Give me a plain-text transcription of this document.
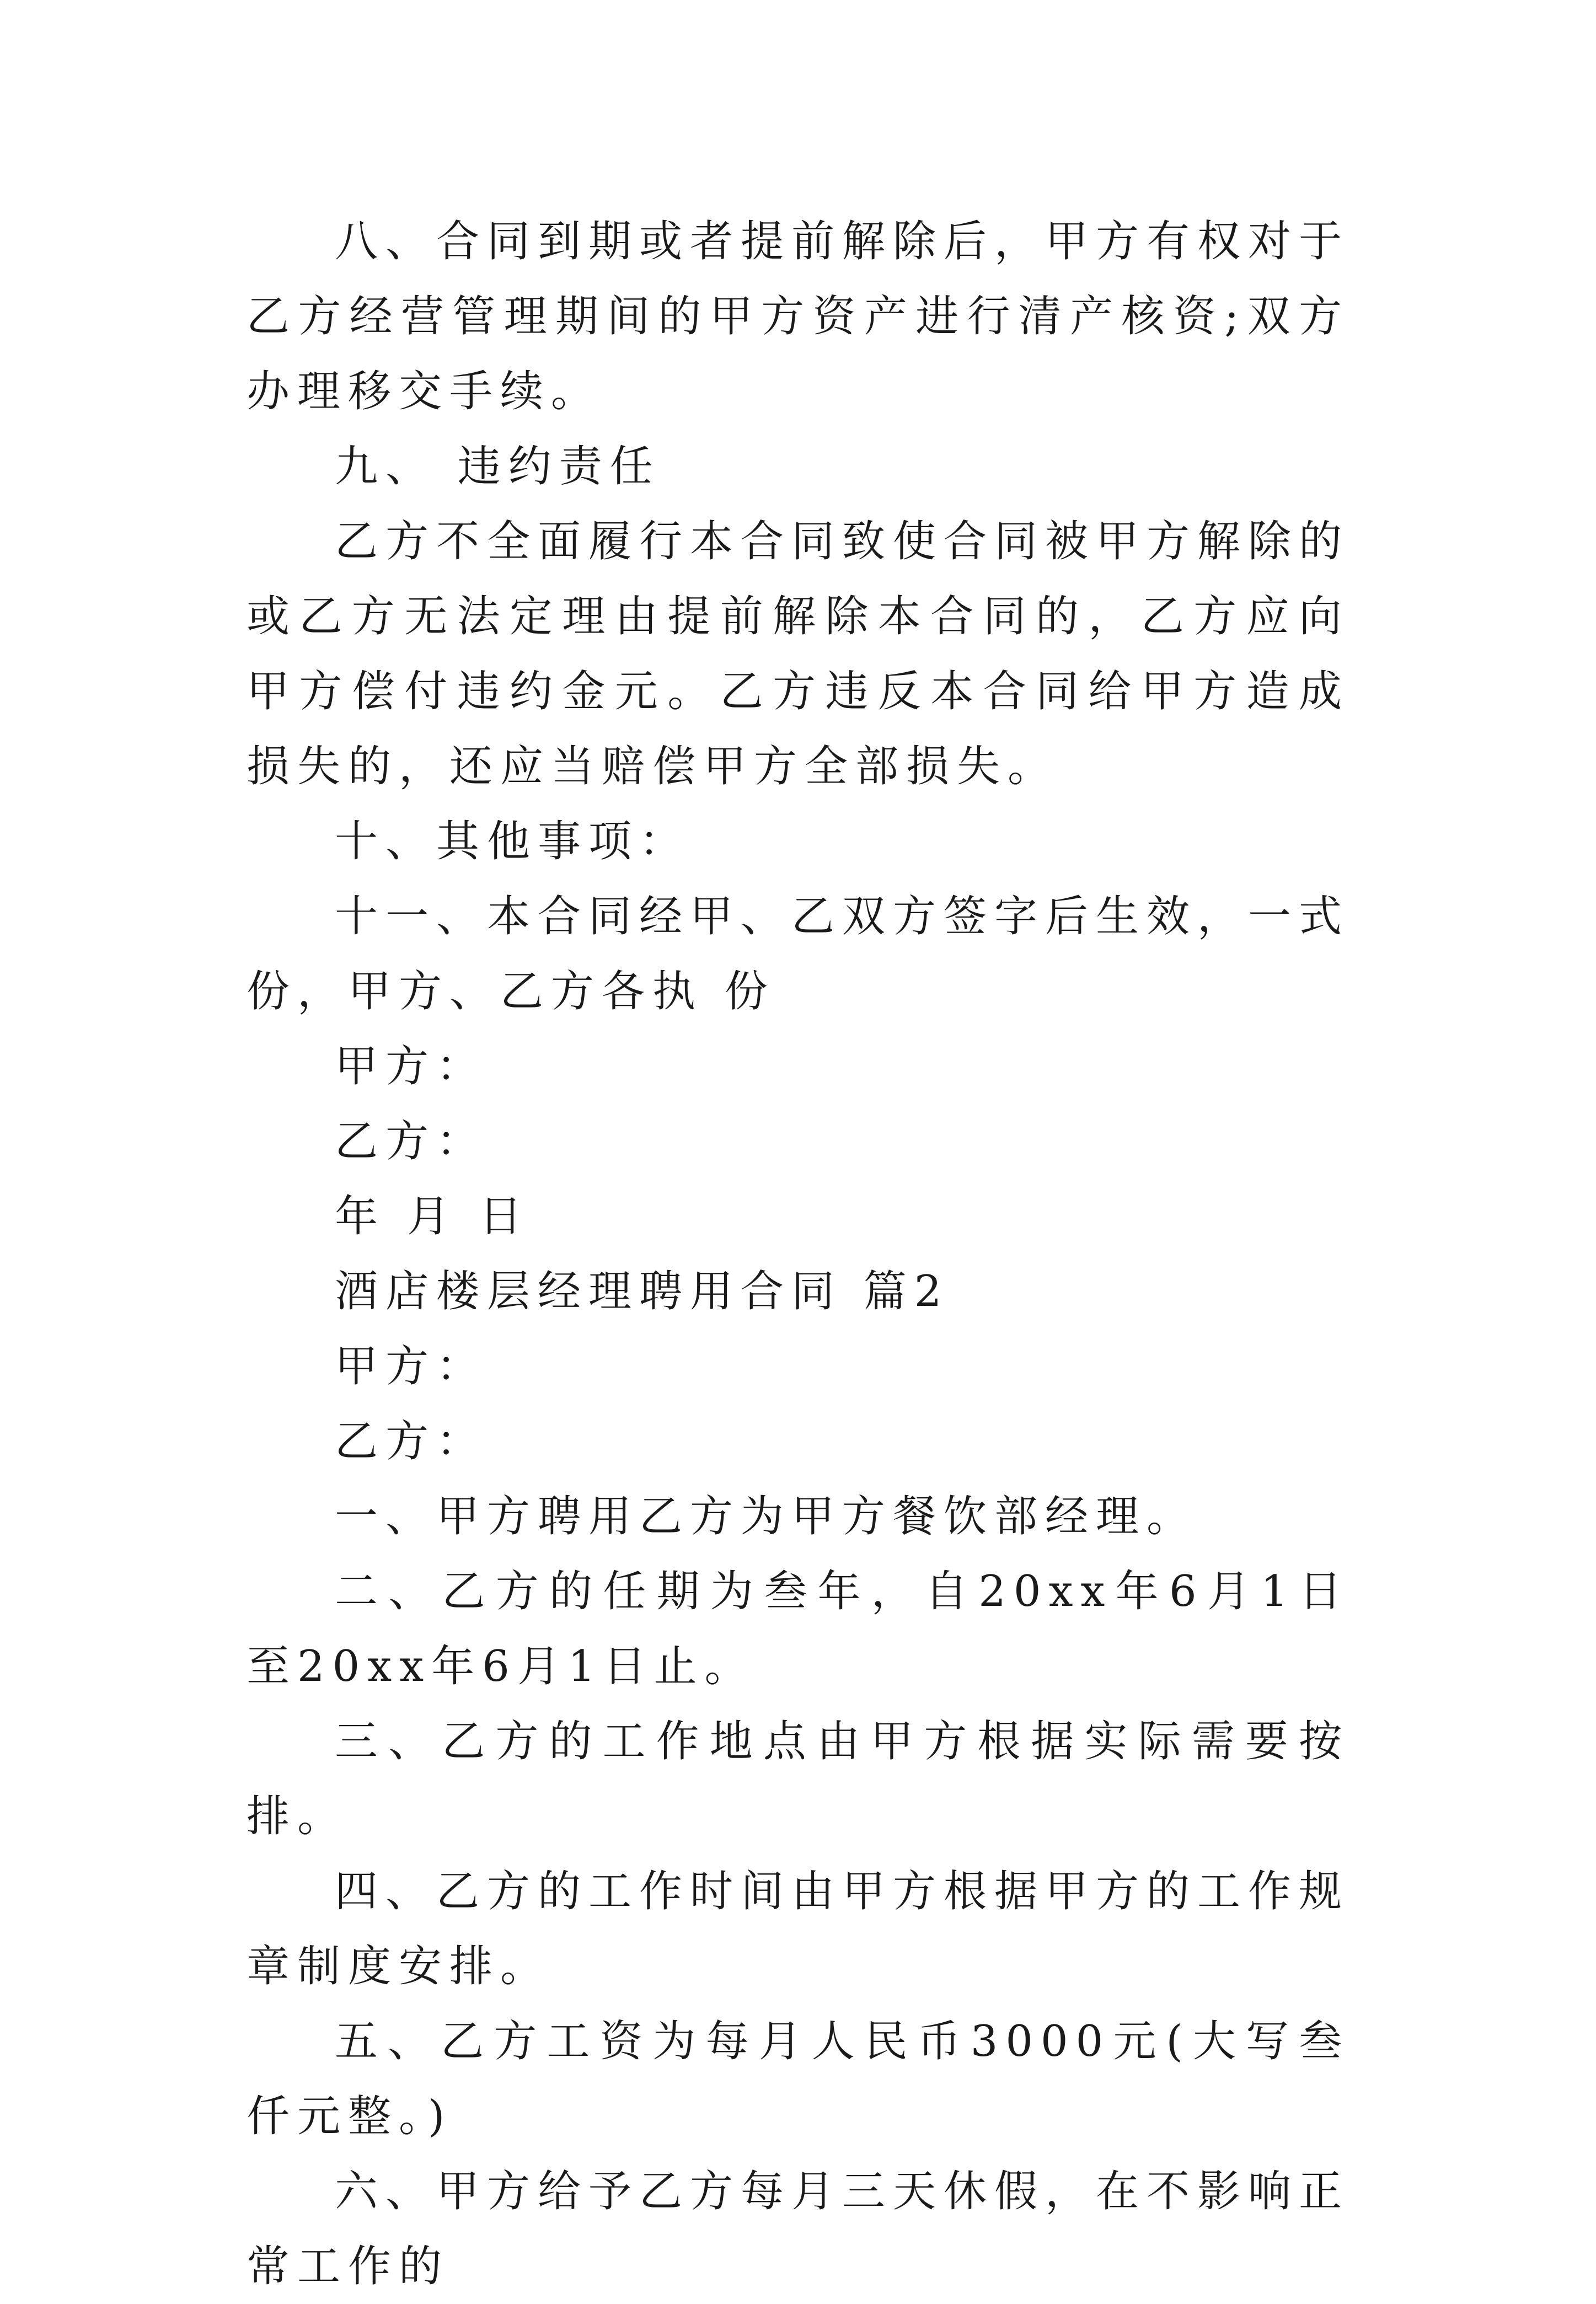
八、合同到期或者提前解除后，甲方有权对于乙方经营管理期间的甲方资产进行清产核资;双方办理移交手续。

九、 违约责任

乙方不全面履行本合同致使合同被甲方解除的或乙方无法定理由提前解除本合同的，乙方应向甲方偿付违约金元。乙方违反本合同给甲方造成损失的，还应当赔偿甲方全部损失。

十、其他事项：

十一、本合同经甲、乙双方签字后生效，一式 份，甲方、乙方各执 份

甲方：

乙方：

年 月 日

酒店楼层经理聘用合同 篇2

甲方：

乙方：

一、甲方聘用乙方为甲方餐饮部经理。

二、乙方的任期为叁年，自20xx年6月1日至20xx年6月1日止。

三、乙方的工作地点由甲方根据实际需要按排。

四、乙方的工作时间由甲方根据甲方的工作规章制度安排。

五、乙方工资为每月人民币3000元(大写叁仟元整。)

六、甲方给予乙方每月三天休假，在不影响正常工作的
